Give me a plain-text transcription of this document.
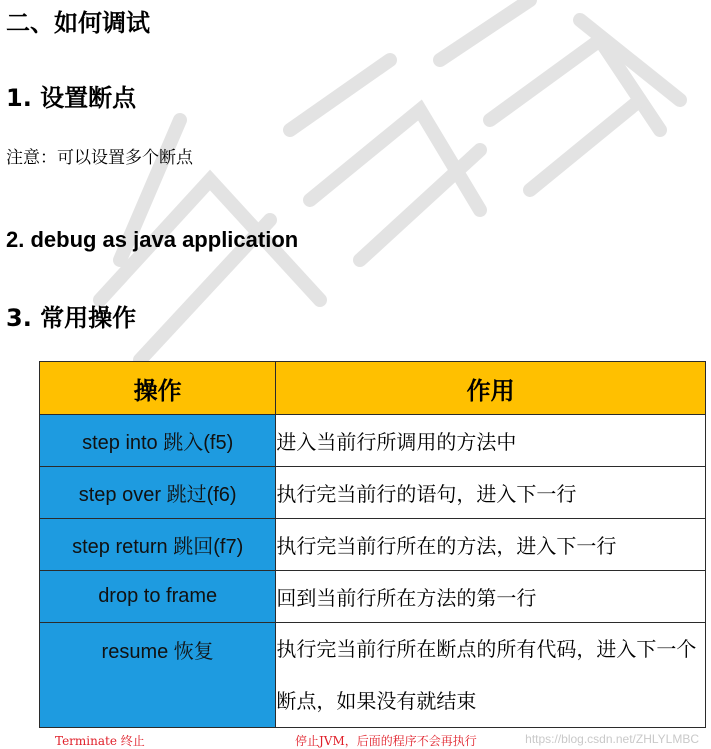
二、如何调试
1. 设置断点
注意：可以设置多个断点
2. debug as java application
3. 常用操作
操作	作用
step into 跳入(f5)	进入当前行所调用的方法中
step over 跳过(f6)	执行完当前行的语句，进入下一行
step return 跳回(f7)	执行完当前行所在的方法，进入下一行
drop to frame	回到当前行所在方法的第一行
resume 恢复	执行完当前行所在断点的所有代码，进入下一个断点，如果没有就结束
Terminate 终止	停止JVM，后面的程序不会再执行	https://blog.csdn.net/ZHLYLMBC
